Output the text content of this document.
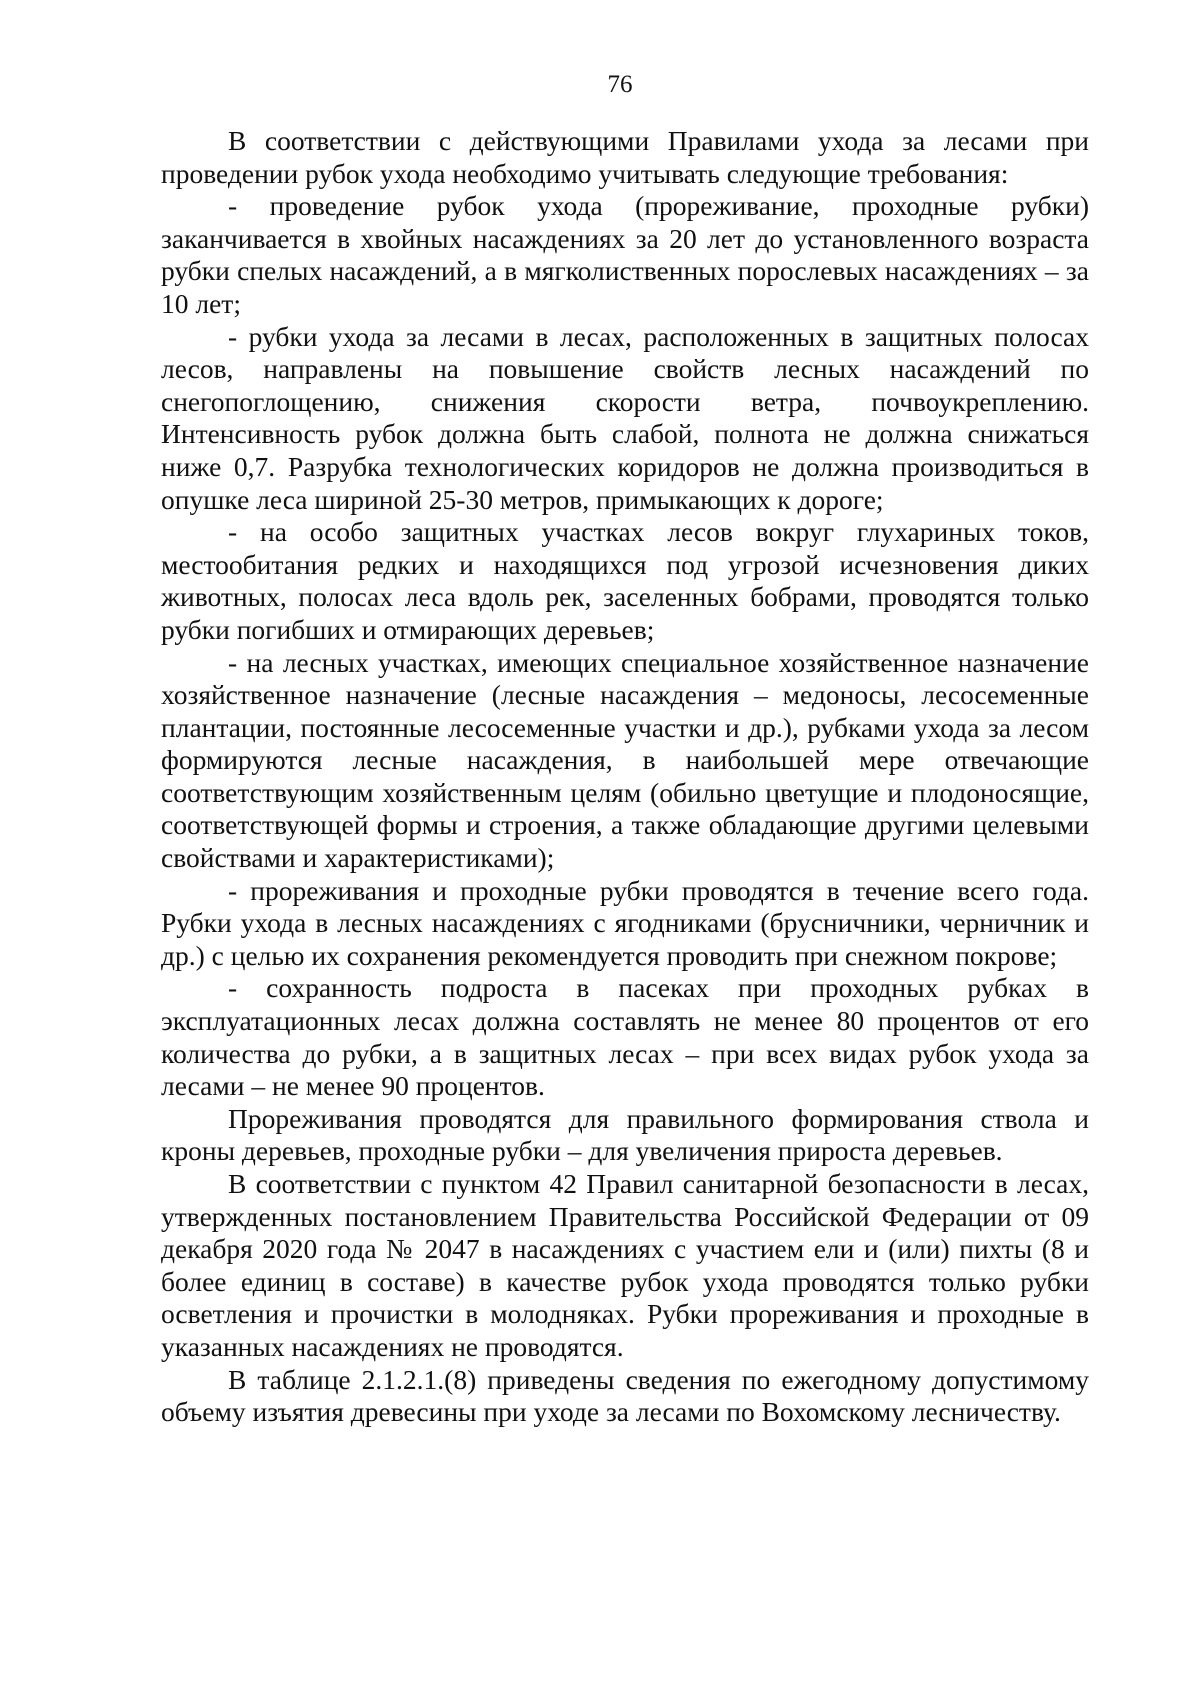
76

В соответствии с действующими Правилами ухода за лесами при проведении рубок ухода необходимо учитывать следующие требования:

- проведение рубок ухода (прореживание, проходные рубки) заканчивается в хвойных насаждениях за 20 лет до установленного возраста рубки спелых насаждений, а в мягколиственных порослевых насаждениях – за 10 лет;

- рубки ухода за лесами в лесах, расположенных в защитных полосах лесов, направлены на повышение свойств лесных насаждений по снегопоглощению, снижения скорости ветра, почвоукреплению. Интенсивность рубок должна быть слабой, полнота не должна снижаться ниже 0,7. Разрубка технологических коридоров не должна производиться в опушке леса шириной 25-30 метров, примыкающих к дороге;

- на особо защитных участках лесов вокруг глухариных токов, местообитания редких и находящихся под угрозой исчезновения диких животных, полосах леса вдоль рек, заселенных бобрами, проводятся только рубки погибших и отмирающих деревьев;

- на лесных участках, имеющих специальное хозяйственное назначение хозяйственное назначение (лесные насаждения – медоносы, лесосеменные плантации, постоянные лесосеменные участки и др.), рубками ухода за лесом формируются лесные насаждения, в наибольшей мере отвечающие соответствующим хозяйственным целям (обильно цветущие и плодоносящие, соответствующей формы и строения, а также обладающие другими целевыми свойствами и характеристиками);

- прореживания и проходные рубки проводятся в течение всего года. Рубки ухода в лесных насаждениях с ягодниками (брусничники, черничник и др.) с целью их сохранения рекомендуется проводить при снежном покрове;

- сохранность подроста в пасеках при проходных рубках в эксплуатационных лесах должна составлять не менее 80 процентов от его количества до рубки, а в защитных лесах – при всех видах рубок ухода за лесами – не менее 90 процентов.

Прореживания проводятся для правильного формирования ствола и кроны деревьев, проходные рубки – для увеличения прироста деревьев.

В соответствии с пунктом 42 Правил санитарной безопасности в лесах, утвержденных постановлением Правительства Российской Федерации от 09 декабря 2020 года № 2047 в насаждениях с участием ели и (или) пихты (8 и более единиц в составе) в качестве рубок ухода проводятся только рубки осветления и прочистки в молодняках. Рубки прореживания и проходные в указанных насаждениях не проводятся.

В таблице 2.1.2.1.(8) приведены сведения по ежегодному допустимому объему изъятия древесины при уходе за лесами по Вохомскому лесничеству.
